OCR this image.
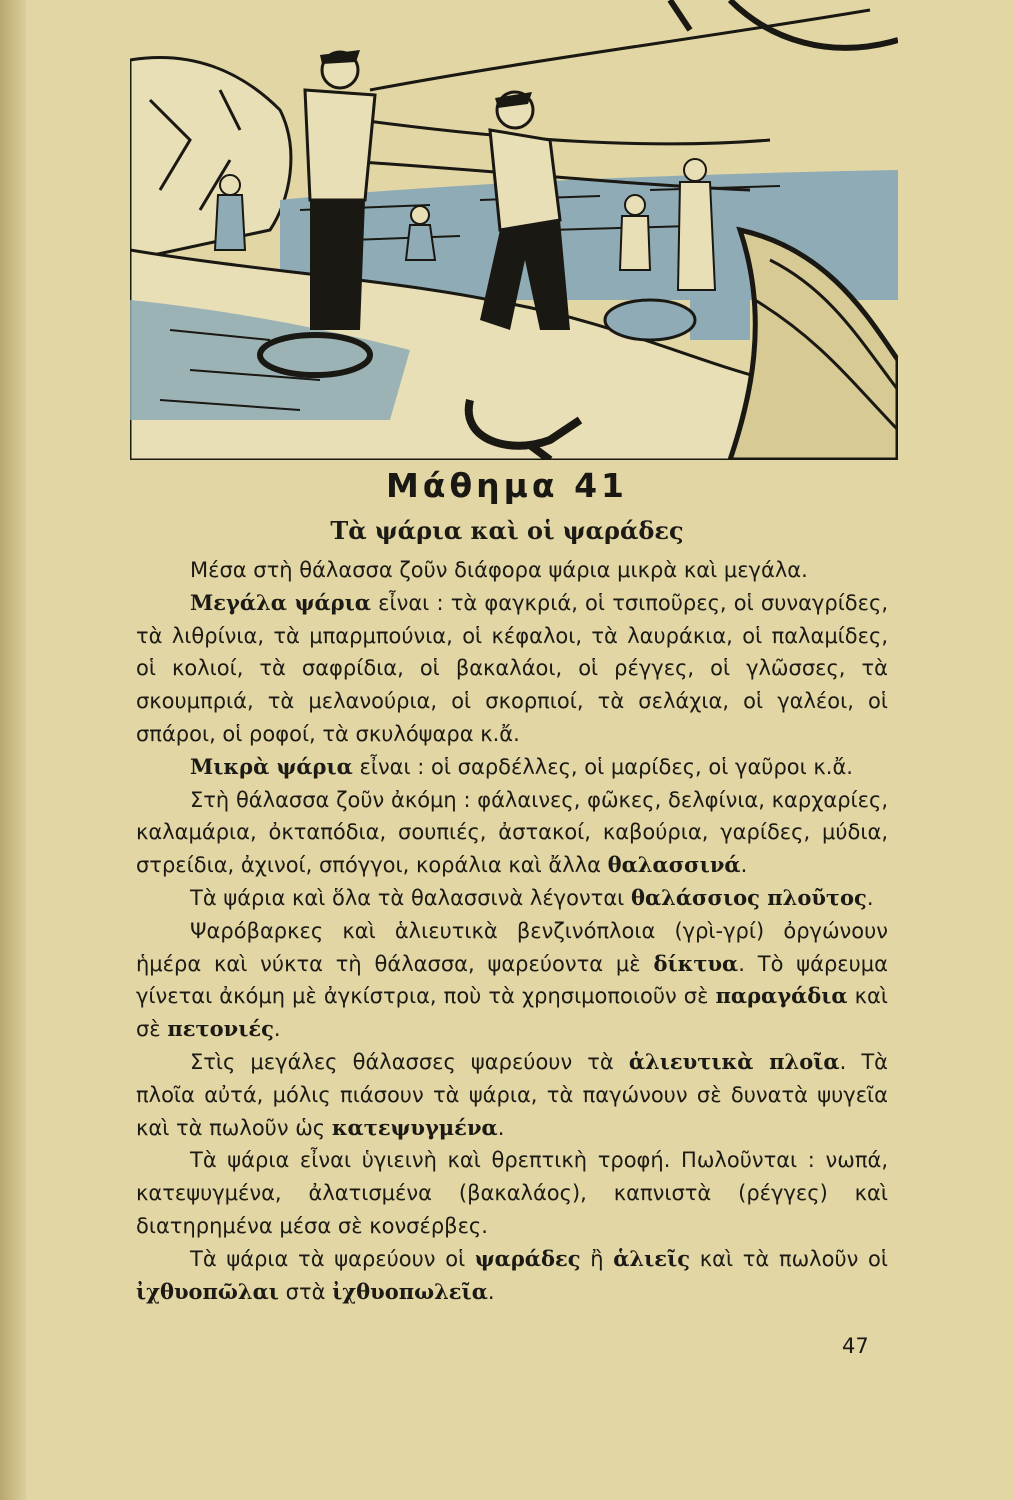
Μάθημα 41
Τὰ ψάρια καὶ οἱ ψαράδες

Μέσα στὴ θάλασσα ζοῦν διάφορα ψάρια μικρὰ καὶ μεγάλα.

Μεγάλα ψάρια εἶναι : τὰ φαγκριά, οἱ τσιποῦρες, οἱ συναγρίδες, τὰ λιθρίνια, τὰ μπαρμπούνια, οἱ κέφαλοι, τὰ λαυράκια, οἱ παλαμίδες, οἱ κολιοί, τὰ σαφρίδια, οἱ βακαλάοι, οἱ ρέγγες, οἱ γλῶσσες, τὰ σκουμπριά, τὰ μελανούρια, οἱ σκορπιοί, τὰ σελάχια, οἱ γαλέοι, οἱ σπάροι, οἱ ροφοί, τὰ σκυλόψαρα κ.ἄ.

Μικρὰ ψάρια εἶναι : οἱ σαρδέλλες, οἱ μαρίδες, οἱ γαῦροι κ.ἄ.

Στὴ θάλασσα ζοῦν ἀκόμη : φάλαινες, φῶκες, δελφίνια, καρχαρίες, καλαμάρια, ὀκταπόδια, σουπιές, ἀστακοί, καβούρια, γαρίδες, μύδια, στρείδια, ἀχινοί, σπόγγοι, κοράλια καὶ ἄλλα θαλασσινά.

Τὰ ψάρια καὶ ὅλα τὰ θαλασσινὰ λέγονται θαλάσσιος πλοῦτος.

Ψαρόβαρκες καὶ ἁλιευτικὰ βενζινόπλοια (γρὶ-γρί) ὀργώνουν ἡμέρα καὶ νύκτα τὴ θάλασσα, ψαρεύοντα μὲ δίκτυα. Τὸ ψάρευμα γίνεται ἀκόμη μὲ ἀγκίστρια, ποὺ τὰ χρησιμοποιοῦν σὲ παραγάδια καὶ σὲ πετονιές.

Στὶς μεγάλες θάλασσες ψαρεύουν τὰ ἁλιευτικὰ πλοῖα. Τὰ πλοῖα αὐτά, μόλις πιάσουν τὰ ψάρια, τὰ παγώνουν σὲ δυνατὰ ψυγεῖα καὶ τὰ πωλοῦν ὡς κατεψυγμένα.

Τὰ ψάρια εἶναι ὑγιεινὴ καὶ θρεπτικὴ τροφή. Πωλοῦνται : νωπά, κατεψυγμένα, ἀλατισμένα (βακαλάος), καπνιστὰ (ρέγγες) καὶ διατηρημένα μέσα σὲ κονσέρβες.

Τὰ ψάρια τὰ ψαρεύουν οἱ ψαράδες ἢ ἁλιεῖς καὶ τὰ πωλοῦν οἱ ἰχθυοπῶλαι στὰ ἰχθυοπωλεῖα.

47
